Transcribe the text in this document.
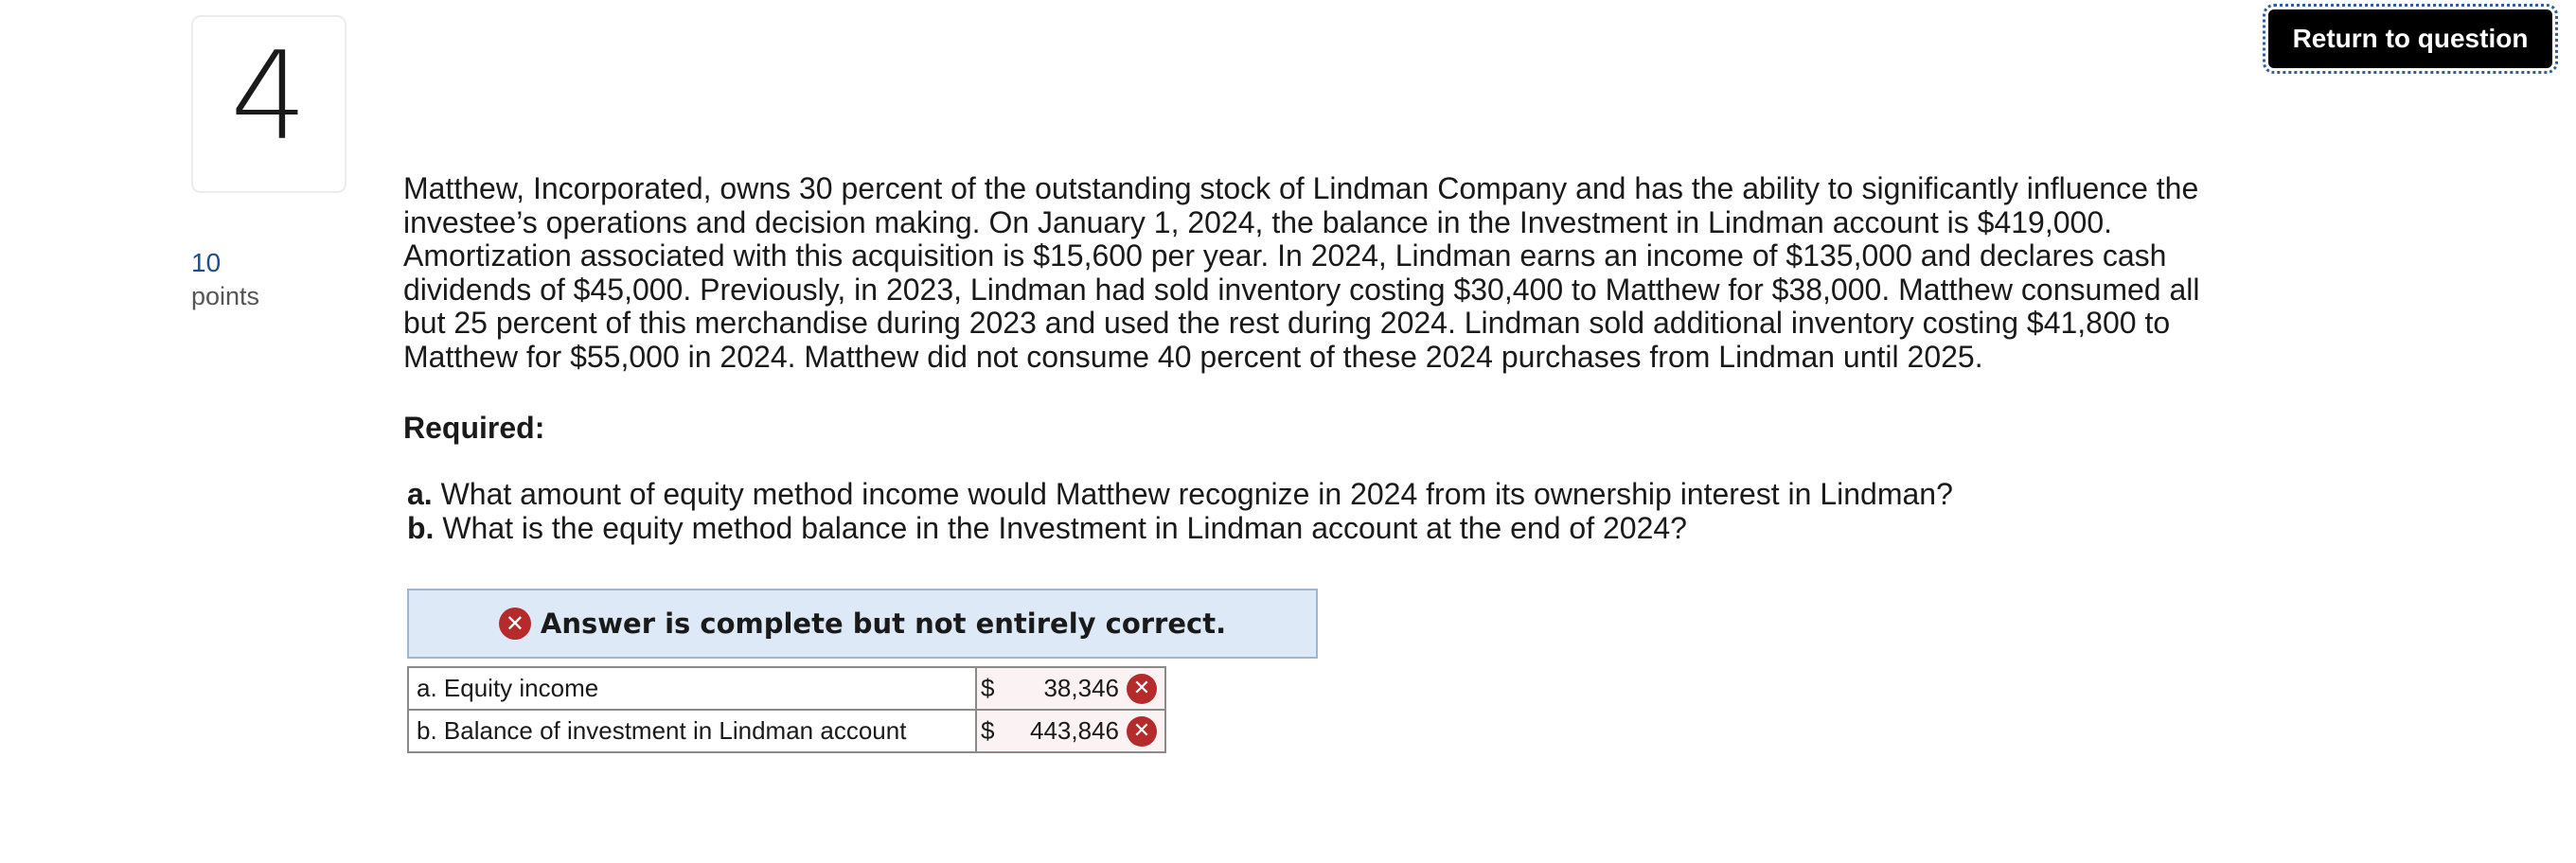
4
10
points
Return to question

Matthew, Incorporated, owns 30 percent of the outstanding stock of Lindman Company and has the ability to significantly influence the investee’s operations and decision making. On January 1, 2024, the balance in the Investment in Lindman account is $419,000. Amortization associated with this acquisition is $15,600 per year. In 2024, Lindman earns an income of $135,000 and declares cash dividends of $45,000. Previously, in 2023, Lindman had sold inventory costing $30,400 to Matthew for $38,000. Matthew consumed all but 25 percent of this merchandise during 2023 and used the rest during 2024. Lindman sold additional inventory costing $41,800 to Matthew for $55,000 in 2024. Matthew did not consume 40 percent of these 2024 purchases from Lindman until 2025.

Required:

a. What amount of equity method income would Matthew recognize in 2024 from its ownership interest in Lindman?
b. What is the equity method balance in the Investment in Lindman account at the end of 2024?
✕ Answer is complete but not entirely correct.
a. Equity income	$ 38,346 ✕

b. Balance of investment in Lindman account	$ 443,846 ✕
